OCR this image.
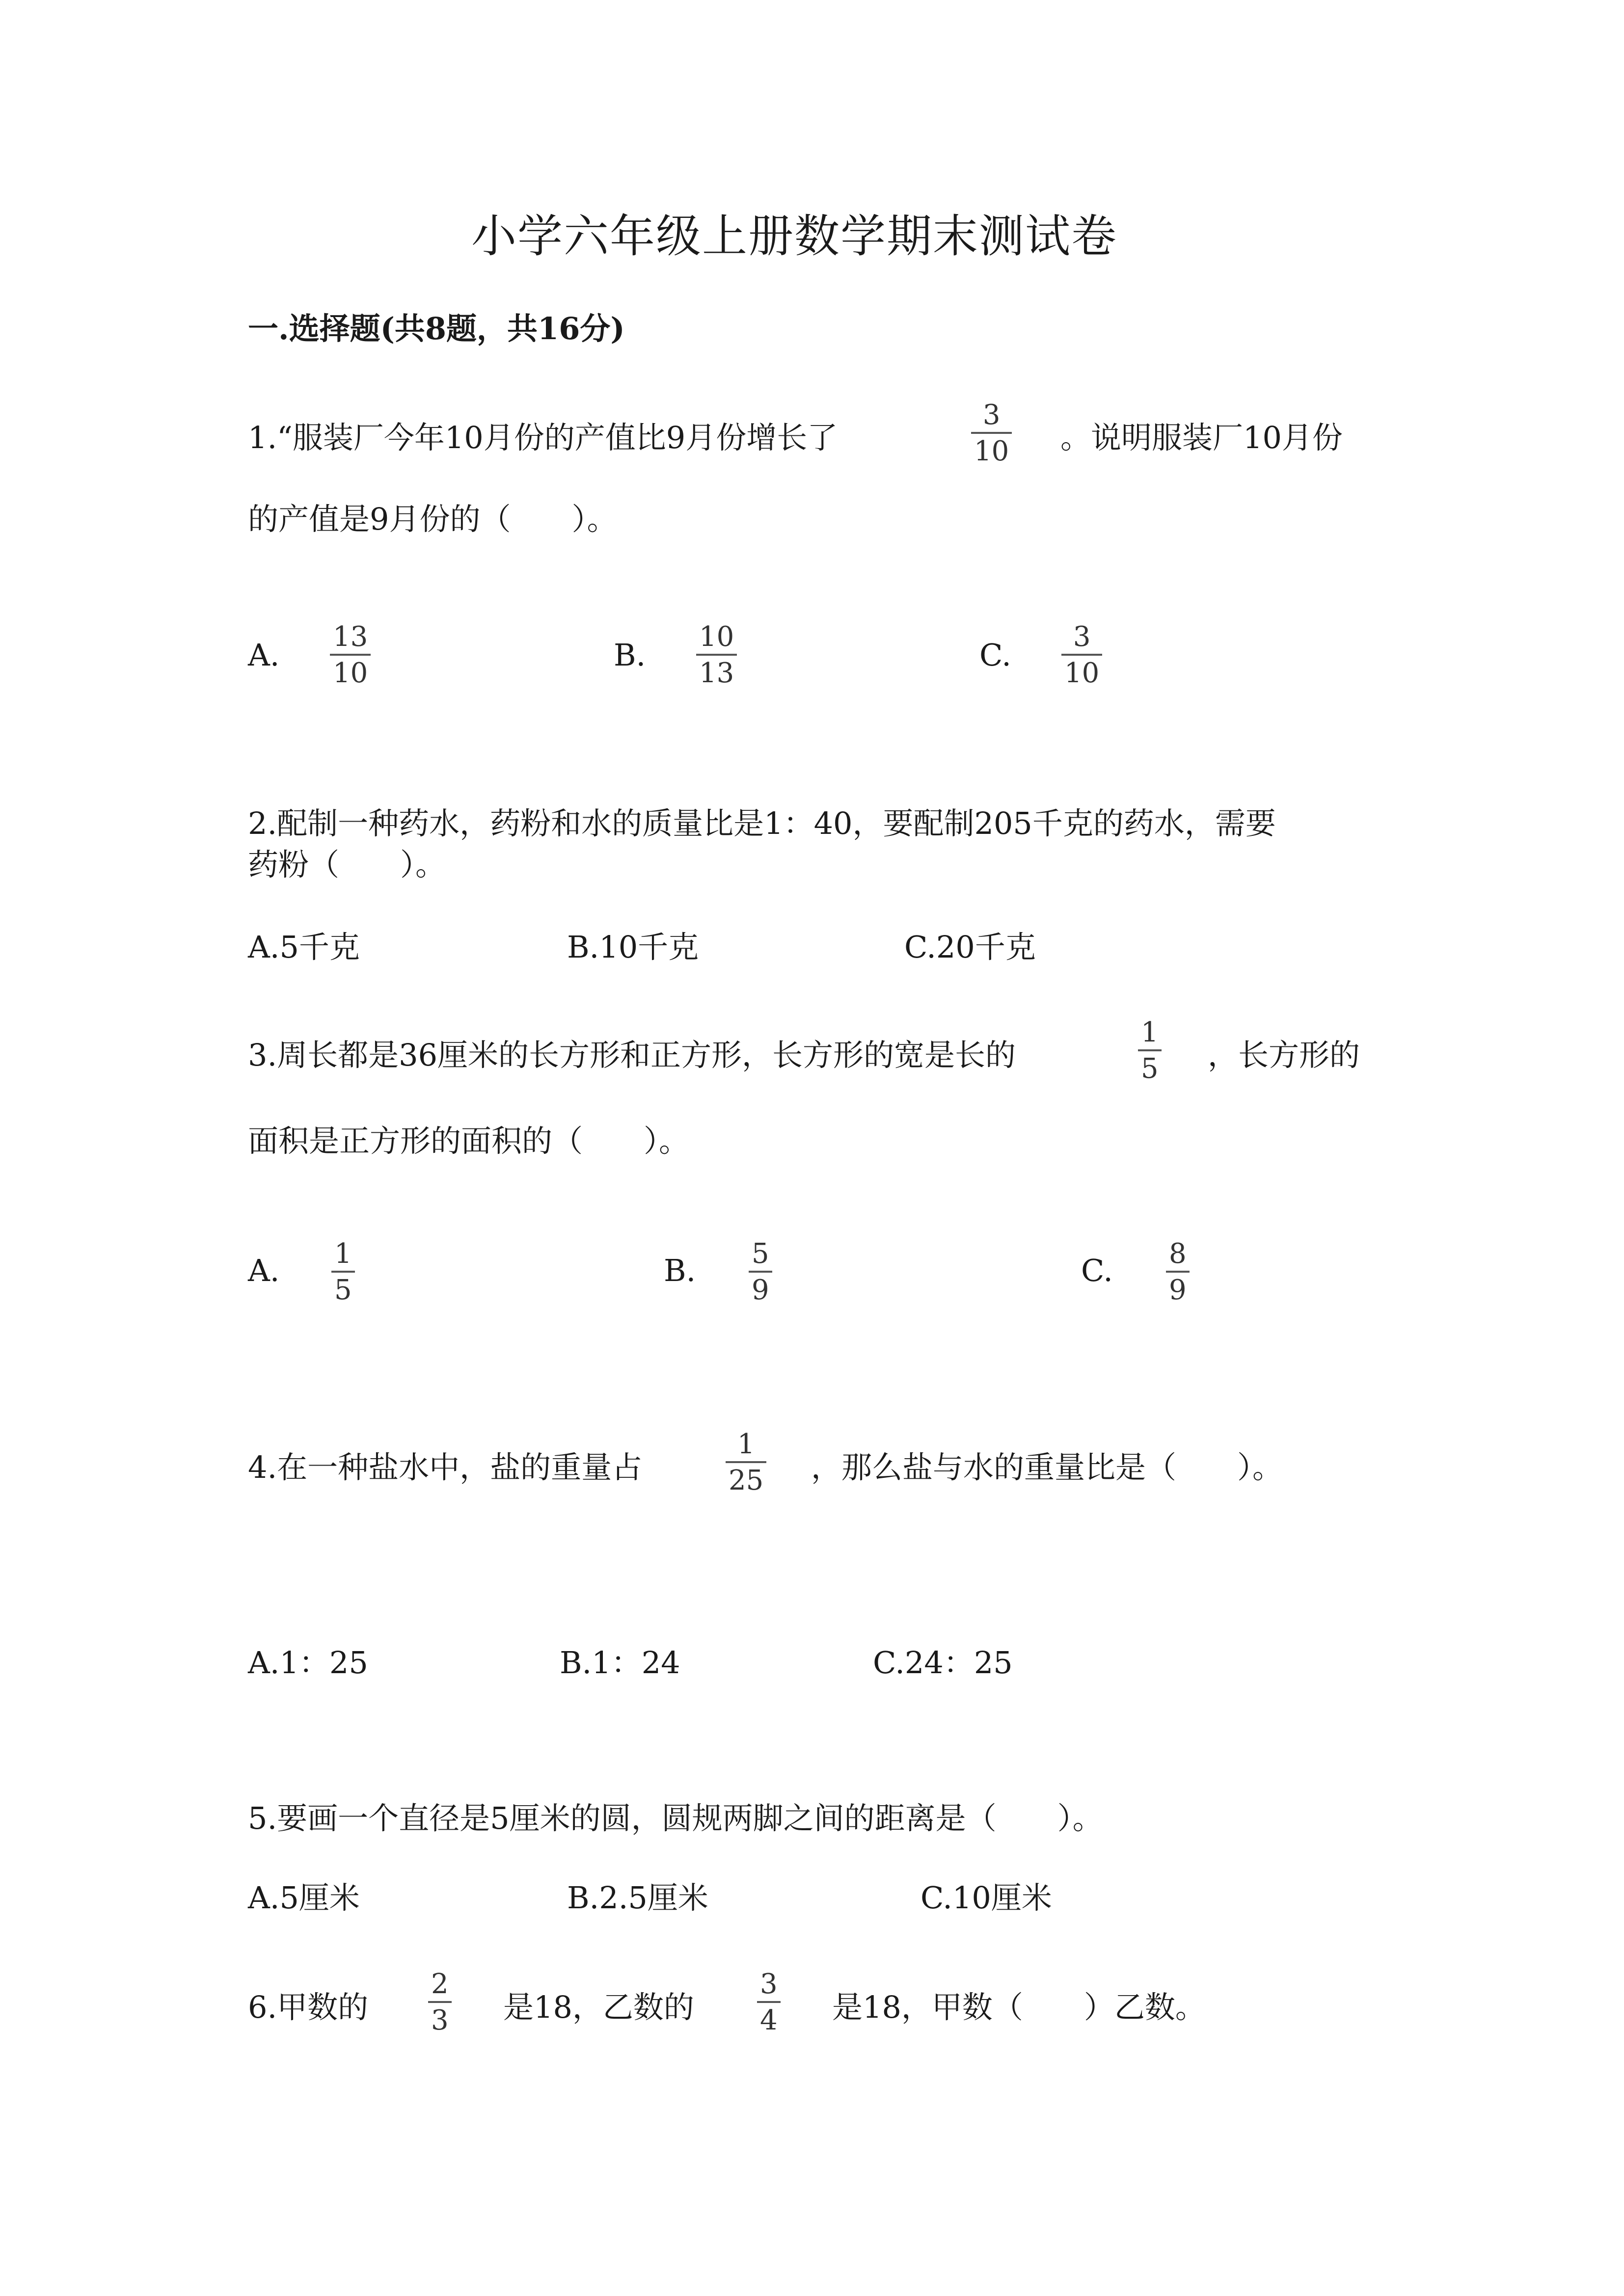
小学六年级上册数学期末测试卷
一.选择题(共8题，共16分)
1.“服装厂今年10月份的产值比9月份增长了
3
10 。说明服装厂10月份
的产值是9月份的（　　）。
A.
13
10
B.
10
13
C.
3
10
2.配制一种药水，药粉和水的质量比是1：40，要配制205千克的药水，需要
药粉（　　）。
A.5千克	B.10千克	C.20千克
3.周长都是36厘米的长方形和正方形，长方形的宽是长的
1
5 ，长方形的
面积是正方形的面积的（　　）。
A. 1
5
B. 5
9
C. 8
9
4.在一种盐水中，盐的重量占
1
25 ，那么盐与水的重量比是（　　）。
A.1：25	B.1：24	C.24：25
5.要画一个直径是5厘米的圆，圆规两脚之间的距离是（　　）。
A.5厘米	B.2.5厘米	C.10厘米
6.甲数的
2
3 是18，乙数的
3
4 是18，甲数（　　）乙数。
